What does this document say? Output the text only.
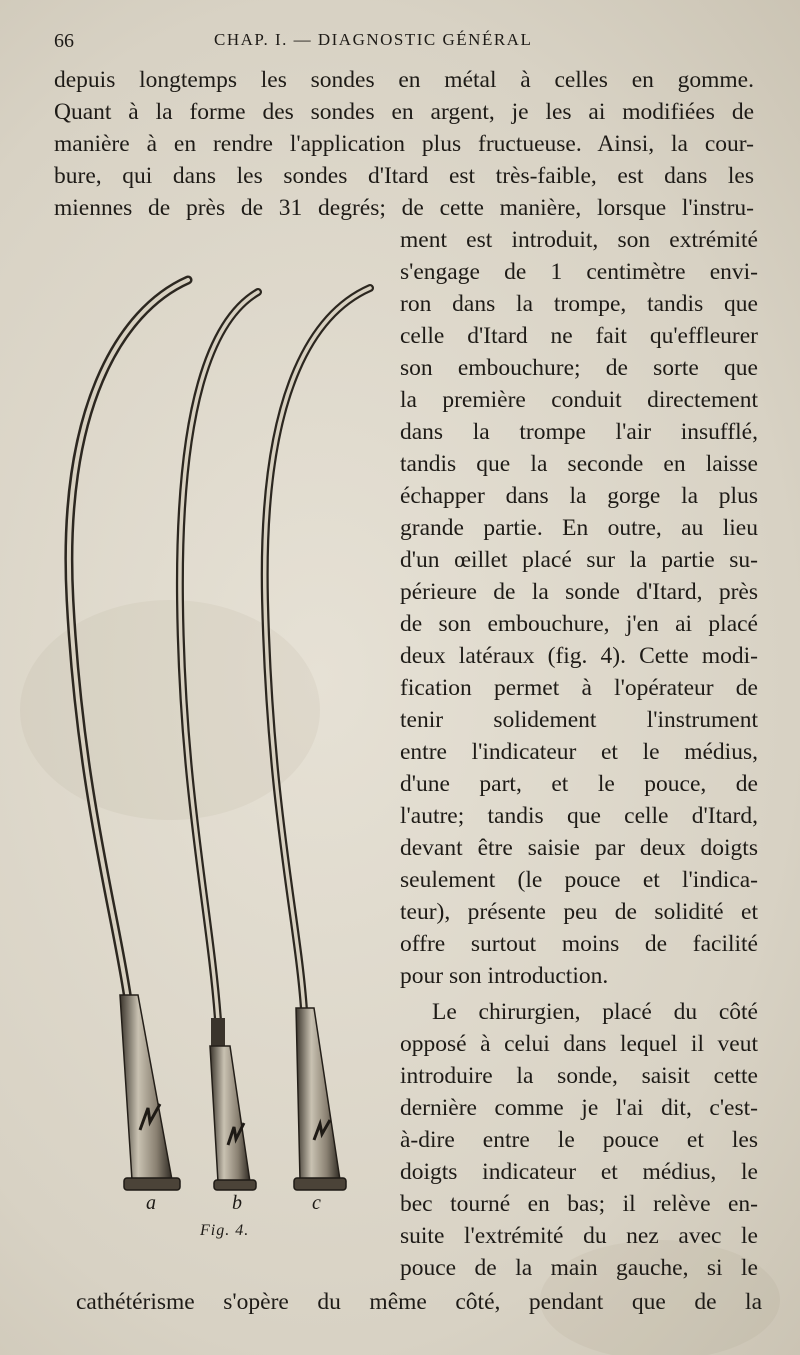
66	CHAP. I. — DIAGNOSTIC GÉNÉRAL
depuis longtemps les sondes en métal à celles en gomme.
Quant à la forme des sondes en argent, je les ai modifiées de
manière à en rendre l'application plus fructueuse. Ainsi, la cour-
bure, qui dans les sondes d'Itard est très-faible, est dans les
miennes de près de 31 degrés; de cette manière, lorsque l'instru-
ment est introduit, son extrémité
s'engage de 1 centimètre envi-
ron dans la trompe, tandis que
celle d'Itard ne fait qu'effleurer
son embouchure; de sorte que
la première conduit directement
dans la trompe l'air insufflé,
tandis que la seconde en laisse
échapper dans la gorge la plus
grande partie. En outre, au lieu
d'un œillet placé sur la partie su-
périeure de la sonde d'Itard, près
de son embouchure, j'en ai placé
deux latéraux (fig. 4). Cette modi-
fication permet à l'opérateur de
tenir solidement l'instrument
entre l'indicateur et le médius,
d'une part, et le pouce, de
l'autre; tandis que celle d'Itard,
devant être saisie par deux doigts
seulement (le pouce et l'indica-
teur), présente peu de solidité et
offre surtout moins de facilité
pour son introduction.
Le chirurgien, placé du côté
opposé à celui dans lequel il veut
introduire la sonde, saisit cette
dernière comme je l'ai dit, c'est-
à-dire entre le pouce et les
doigts indicateur et médius, le
bec tourné en bas; il relève en-
suite l'extrémité du nez avec le
pouce de la main gauche, si le
cathétérisme s'opère du même côté, pendant que de la
a	b	c
Fig. 4.
